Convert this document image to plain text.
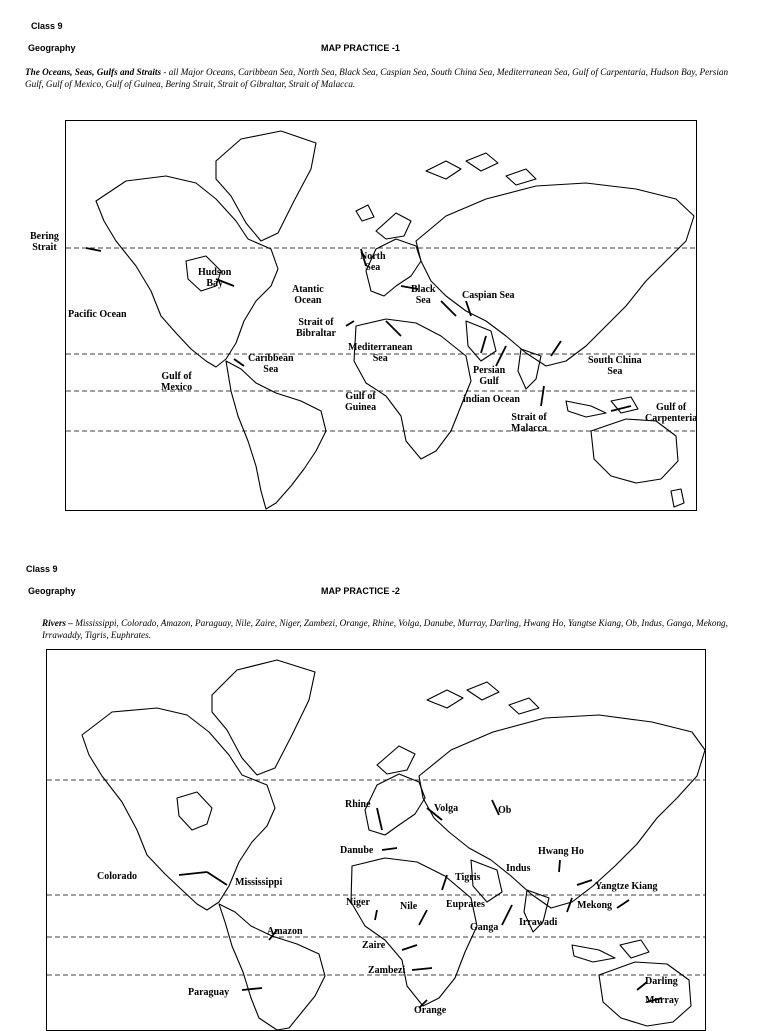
Class 9
Geography	MAP PRACTICE -1
The Oceans, Seas, Gulfs and Straits - all Major Oceans, Caribbean Sea, North Sea, Black Sea, Caspian Sea, South China Sea, Mediterranean Sea, Gulf of Carpentaria, Hudson Bay, Persian Gulf, Gulf of Mexico, Gulf of Guinea, Bering Strait, Strait of Gibraltar, Strait of Malacca.
Bering
Strait
Hudson
Bay
Pacific Ocean
Atantic
Ocean
North
Sea
Black
Sea	Caspian Sea
Strait of
Bibraltar
Mediterranean
Sea
Caribbean
Sea
Gulf of
Mexico
Persian
Gulf
South China
Sea
Gulf of
Guinea
indian Ocean
Strait of
Malacca
Gulf of
Carpenteria
Class 9
Geography	MAP PRACTICE -2
Rivers – Mississippi, Colorado, Amazon, Paraguay, Nile, Zaire, Niger, Zambezi, Orange, Rhine, Volga, Danube, Murray, Darling, Hwang Ho, Yangtse Kiang, Ob, Indus, Ganga, Mekong, Irrawaddy, Tigris, Euphrates.
Rhine	Volga	Ob
Danube	Hwang Ho
Indus
Tigris
Yangtze Kiang
Colorado
Mississippi
Niger	Nile	Euprates	Mekong
Ganga Irrawadi
Amazon
Zaire
Zambezi
Darling
Paraguay
Murray
Orange
